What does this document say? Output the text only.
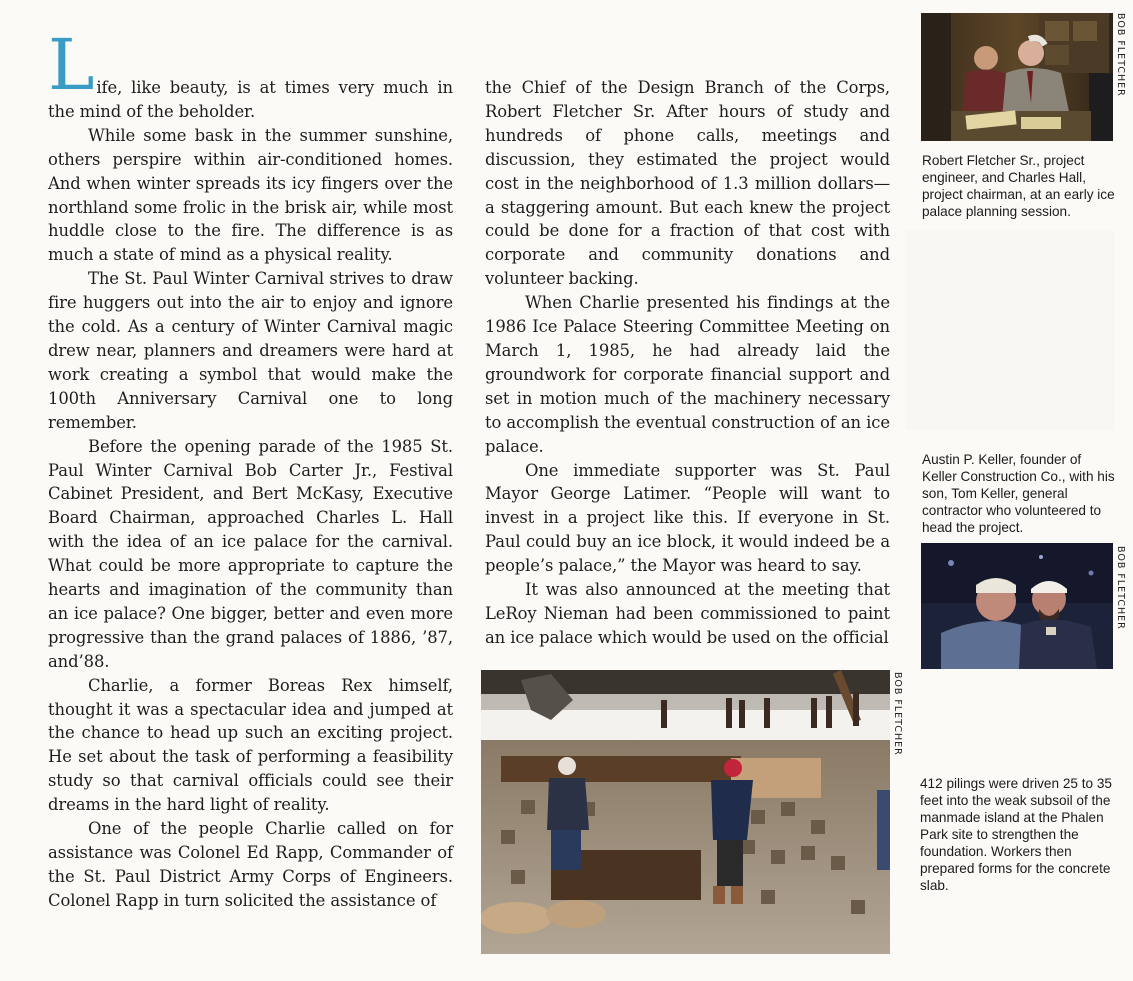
Life, like beauty, is at times very much in the mind of the beholder.

While some bask in the summer sunshine, others perspire within air-conditioned homes. And when winter spreads its icy fingers over the northland some frolic in the brisk air, while most huddle close to the fire. The difference is as much a state of mind as a physical reality.

The St. Paul Winter Carnival strives to draw fire huggers out into the air to enjoy and ignore the cold. As a century of Winter Carnival magic drew near, planners and dreamers were hard at work creating a symbol that would make the 100th Anniversary Carnival one to long remember.

Before the opening parade of the 1985 St. Paul Winter Carnival Bob Carter Jr., Festival Cabinet President, and Bert McKasy, Executive Board Chairman, approached Charles L. Hall with the idea of an ice palace for the carnival. What could be more appropriate to capture the hearts and imagination of the community than an ice palace? One bigger, better and even more progressive than the grand palaces of 1886, ’87, and’88.

Charlie, a former Boreas Rex himself, thought it was a spectacular idea and jumped at the chance to head up such an exciting project. He set about the task of performing a feasibility study so that carnival officials could see their dreams in the hard light of reality.

One of the people Charlie called on for assistance was Colonel Ed Rapp, Commander of the St. Paul District Army Corps of Engineers. Colonel Rapp in turn solicited the assistance of

the Chief of the Design Branch of the Corps, Robert Fletcher Sr. After hours of study and hundreds of phone calls, meetings and discussion, they estimated the project would cost in the neighborhood of 1.3 million dollars—a staggering amount. But each knew the project could be done for a fraction of that cost with corporate and community donations and volunteer backing.

When Charlie presented his findings at the 1986 Ice Palace Steering Committee Meeting on March 1, 1985, he had already laid the groundwork for corporate financial support and set in motion much of the machinery necessary to accomplish the eventual construction of an ice palace.

One immediate supporter was St. Paul Mayor George Latimer. “People will want to invest in a project like this. If everyone in St. Paul could buy an ice block, it would indeed be a people’s palace,” the Mayor was heard to say.

It was also announced at the meeting that LeRoy Nieman had been commissioned to paint an ice palace which would be used on the official

BOB FLETCHER
Robert Fletcher Sr., project engineer, and Charles Hall, project chairman, at an early ice palace planning session.
Austin P. Keller, founder of Keller Construction Co., with his son, Tom Keller, general contractor who volunteered to head the project.
BOB FLETCHER
BOB FLETCHER
412 pilings were driven 25 to 35 feet into the weak subsoil of the manmade island at the Phalen Park site to strengthen the foundation. Workers then prepared forms for the concrete slab.
